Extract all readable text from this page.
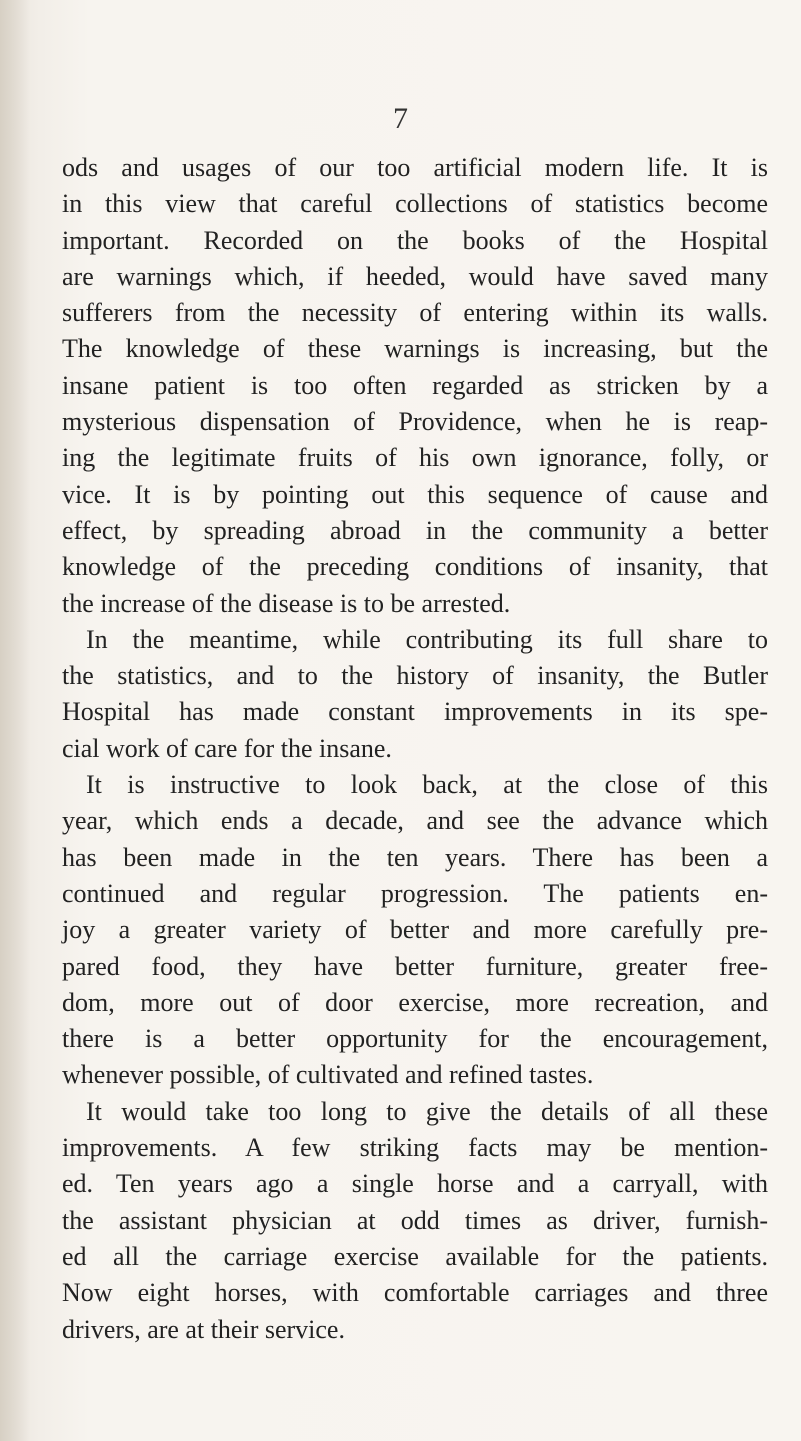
7
ods and usages of our too artificial modern life. It is
in this view that careful collections of statistics become
important. Recorded on the books of the Hospital
are warnings which, if heeded, would have saved many
sufferers from the necessity of entering within its walls.
The knowledge of these warnings is increasing, but the
insane patient is too often regarded as stricken by a
mysterious dispensation of Providence, when he is reap-
ing the legitimate fruits of his own ignorance, folly, or
vice. It is by pointing out this sequence of cause and
effect, by spreading abroad in the community a better
knowledge of the preceding conditions of insanity, that
the increase of the disease is to be arrested.
In the meantime, while contributing its full share to
the statistics, and to the history of insanity, the Butler
Hospital has made constant improvements in its spe-
cial work of care for the insane.
It is instructive to look back, at the close of this
year, which ends a decade, and see the advance which
has been made in the ten years. There has been a
continued and regular progression. The patients en-
joy a greater variety of better and more carefully pre-
pared food, they have better furniture, greater free-
dom, more out of door exercise, more recreation, and
there is a better opportunity for the encouragement,
whenever possible, of cultivated and refined tastes.
It would take too long to give the details of all these
improvements. A few striking facts may be mention-
ed. Ten years ago a single horse and a carryall, with
the assistant physician at odd times as driver, furnish-
ed all the carriage exercise available for the patients.
Now eight horses, with comfortable carriages and three
drivers, are at their service.
